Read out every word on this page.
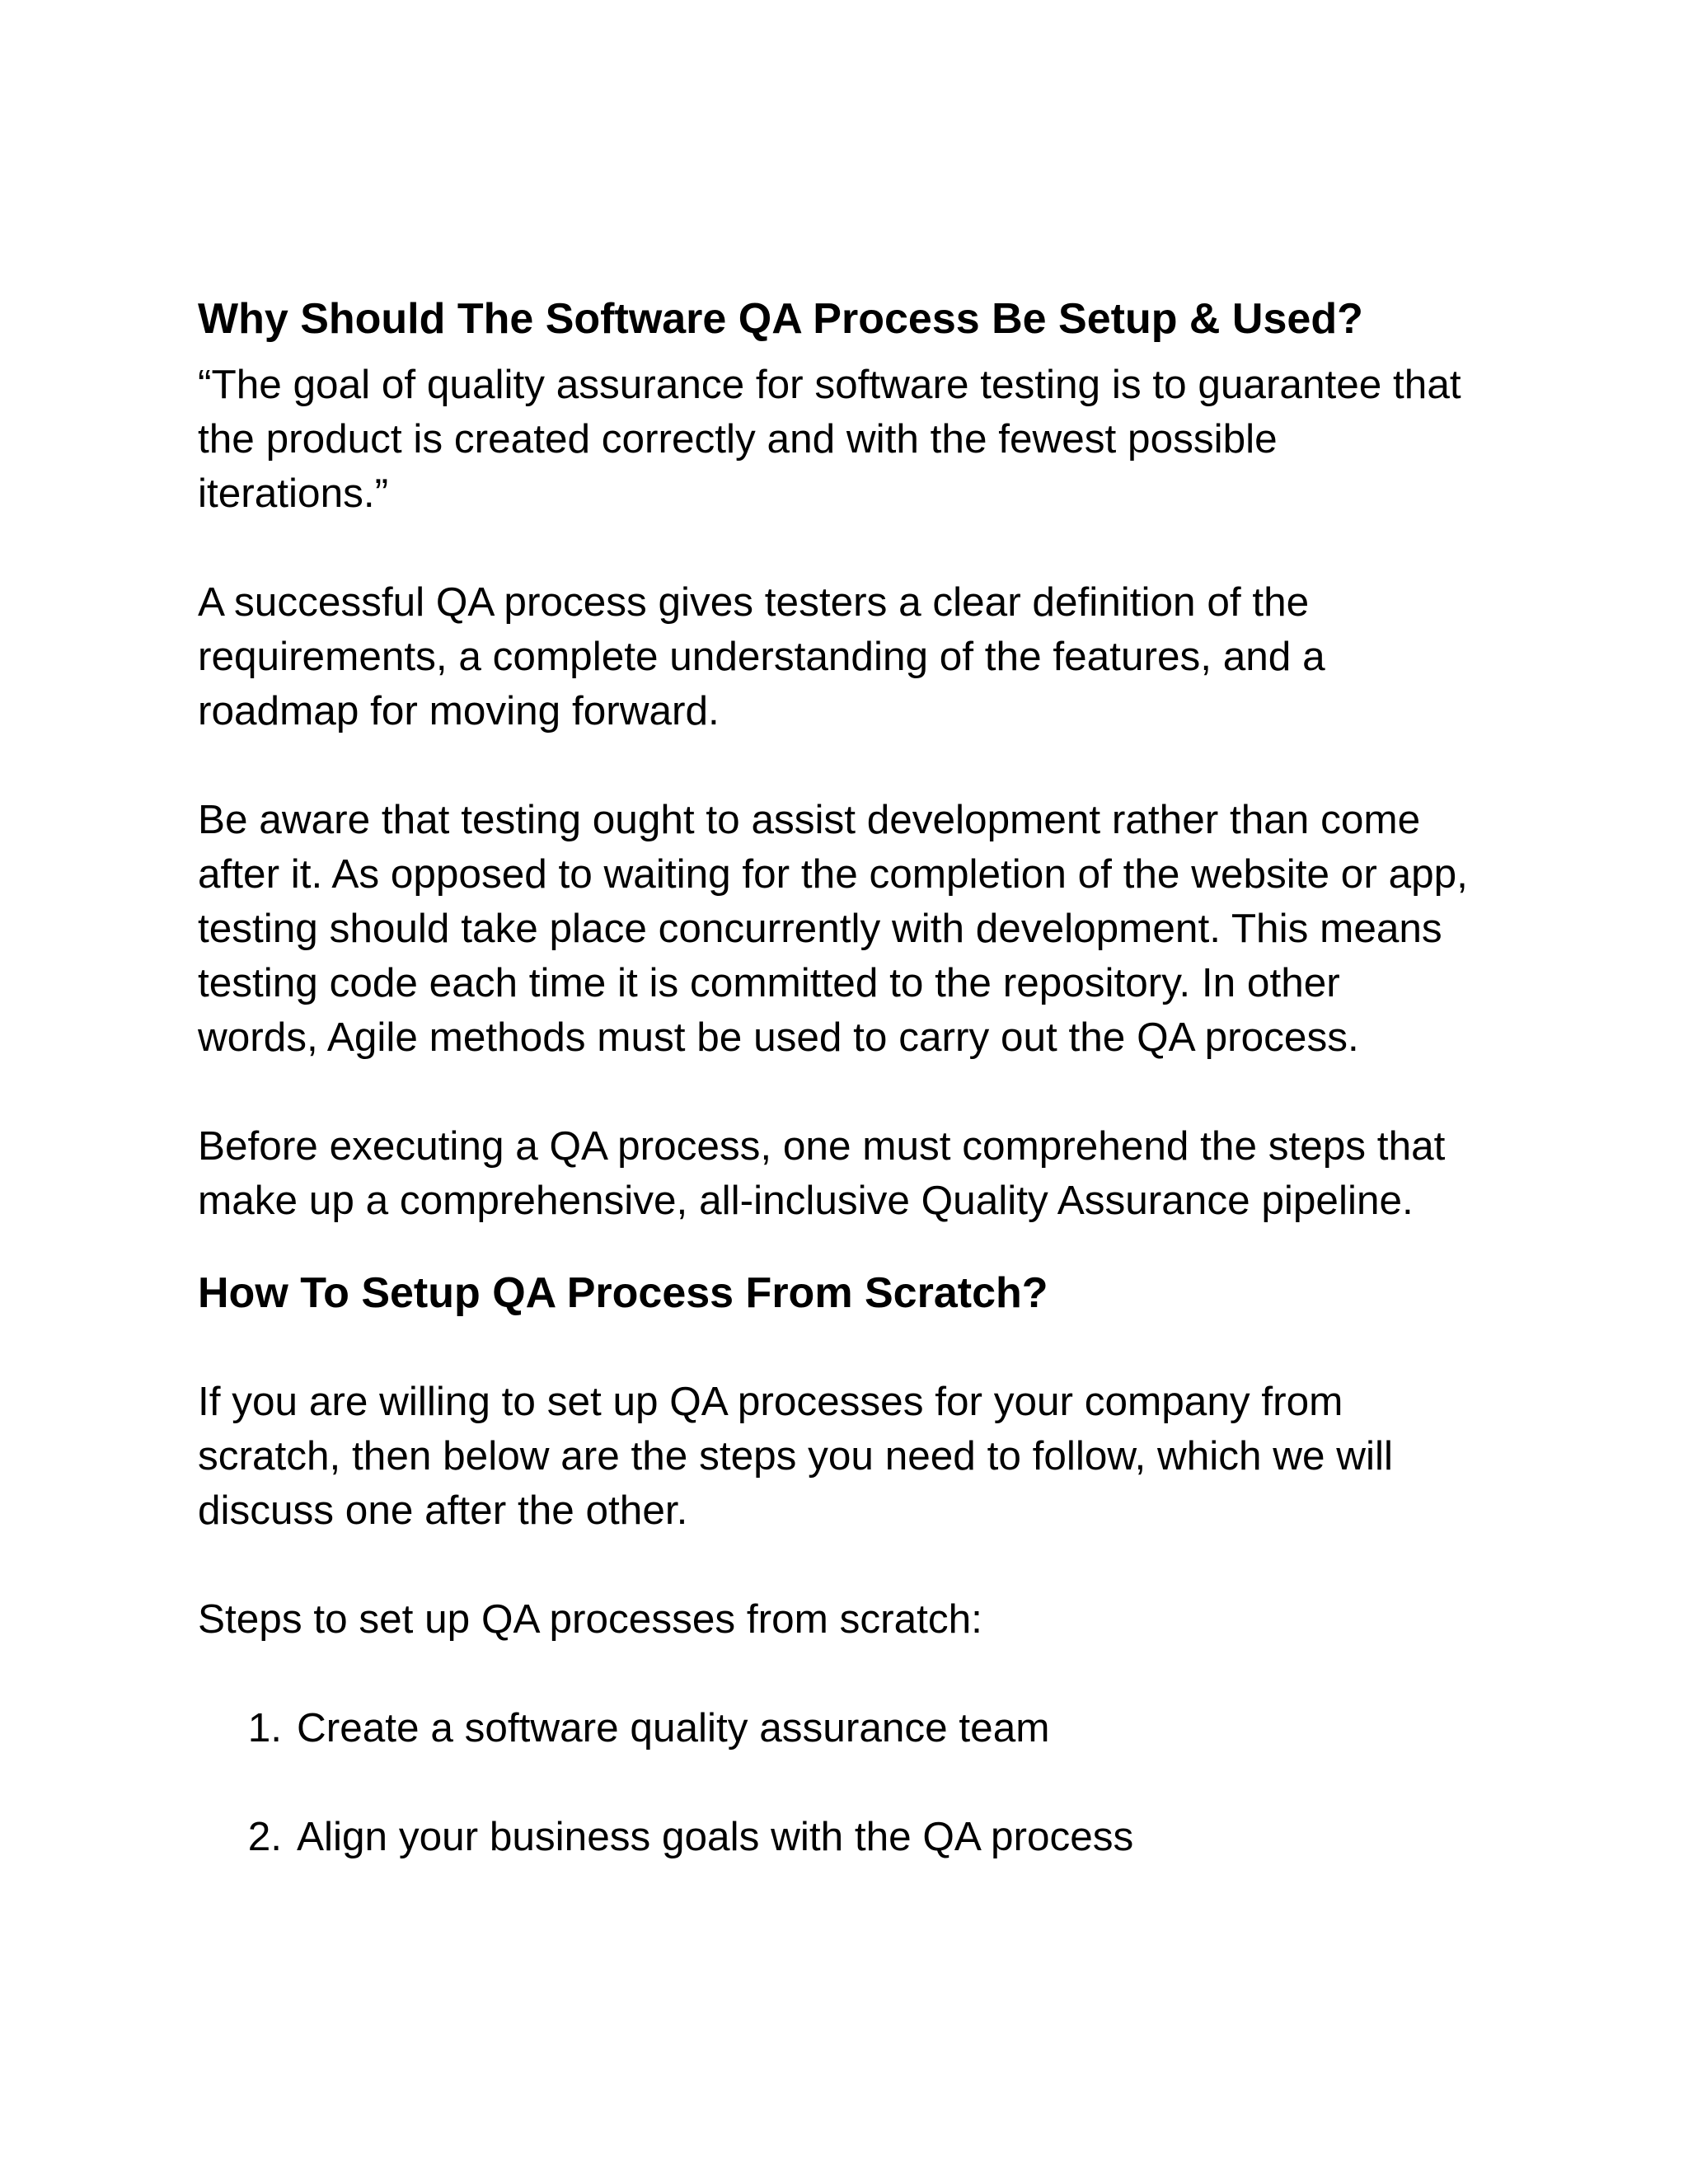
Why Should The Software QA Process Be Setup & Used?

“The goal of quality assurance for software testing is to guarantee that
the product is created correctly and with the fewest possible
iterations.”

A successful QA process gives testers a clear definition of the
requirements, a complete understanding of the features, and a
roadmap for moving forward.

Be aware that testing ought to assist development rather than come
after it. As opposed to waiting for the completion of the website or app,
testing should take place concurrently with development. This means
testing code each time it is committed to the repository. In other
words, Agile methods must be used to carry out the QA process.

Before executing a QA process, one must comprehend the steps that
make up a comprehensive, all-inclusive Quality Assurance pipeline.

How To Setup QA Process From Scratch?

If you are willing to set up QA processes for your company from
scratch, then below are the steps you need to follow, which we will
discuss one after the other.

Steps to set up QA processes from scratch:

1. Create a software quality assurance team
2. Align your business goals with the QA process
